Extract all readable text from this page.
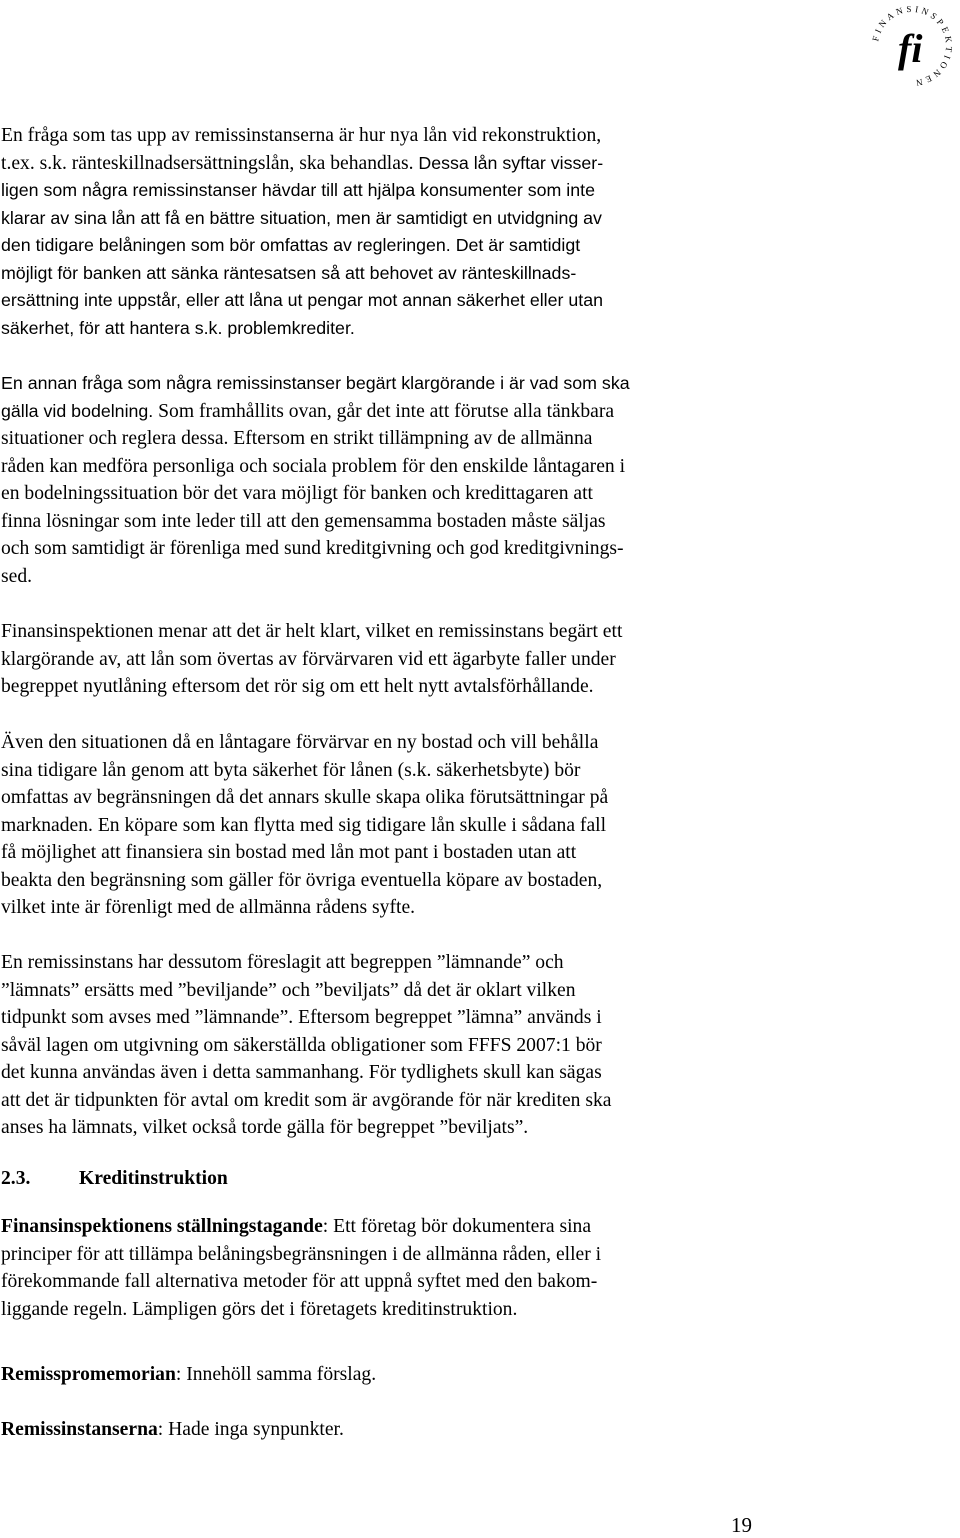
FINANSINSPEKTIONEN
fi

En fråga som tas upp av remissinstanserna är hur nya lån vid rekonstruktion,
t.ex. s.k. ränteskillnadsersättningslån, ska behandlas. Dessa lån syftar visser-
ligen som några remissinstanser hävdar till att hjälpa konsumenter som inte
klarar av sina lån att få en bättre situation, men är samtidigt en utvidgning av
den tidigare belåningen som bör omfattas av regleringen. Det är samtidigt
möjligt för banken att sänka räntesatsen så att behovet av ränteskillnads-
ersättning inte uppstår, eller att låna ut pengar mot annan säkerhet eller utan
säkerhet, för att hantera s.k. problemkrediter.

En annan fråga som några remissinstanser begärt klargörande i är vad som ska
gälla vid bodelning. Som framhållits ovan, går det inte att förutse alla tänkbara
situationer och reglera dessa. Eftersom en strikt tillämpning av de allmänna
råden kan medföra personliga och sociala problem för den enskilde låntagaren i
en bodelningssituation bör det vara möjligt för banken och kredittagaren att
finna lösningar som inte leder till att den gemensamma bostaden måste säljas
och som samtidigt är förenliga med sund kreditgivning och god kreditgivnings-
sed.

Finansinspektionen menar att det är helt klart, vilket en remissinstans begärt ett
klargörande av, att lån som övertas av förvärvaren vid ett ägarbyte faller under
begreppet nyutlåning eftersom det rör sig om ett helt nytt avtalsförhållande.

Även den situationen då en låntagare förvärvar en ny bostad och vill behålla
sina tidigare lån genom att byta säkerhet för lånen (s.k. säkerhetsbyte) bör
omfattas av begränsningen då det annars skulle skapa olika förutsättningar på
marknaden. En köpare som kan flytta med sig tidigare lån skulle i sådana fall
få möjlighet att finansiera sin bostad med lån mot pant i bostaden utan att
beakta den begränsning som gäller för övriga eventuella köpare av bostaden,
vilket inte är förenligt med de allmänna rådens syfte.

En remissinstans har dessutom föreslagit att begreppen ”lämnande” och
”lämnats” ersätts med ”beviljande” och ”beviljats” då det är oklart vilken
tidpunkt som avses med ”lämnande”. Eftersom begreppet ”lämna” används i
såväl lagen om utgivning om säkerställda obligationer som FFFS 2007:1 bör
det kunna användas även i detta sammanhang. För tydlighets skull kan sägas
att det är tidpunkten för avtal om kredit som är avgörande för när krediten ska
anses ha lämnats, vilket också torde gälla för begreppet ”beviljats”.

2.3. Kreditinstruktion

Finansinspektionens ställningstagande: Ett företag bör dokumentera sina
principer för att tillämpa belåningsbegränsningen i de allmänna råden, eller i
förekommande fall alternativa metoder för att uppnå syftet med den bakom-
liggande regeln. Lämpligen görs det i företagets kreditinstruktion.

Remisspromemorian: Innehöll samma förslag.

Remissinstanserna: Hade inga synpunkter.

19
